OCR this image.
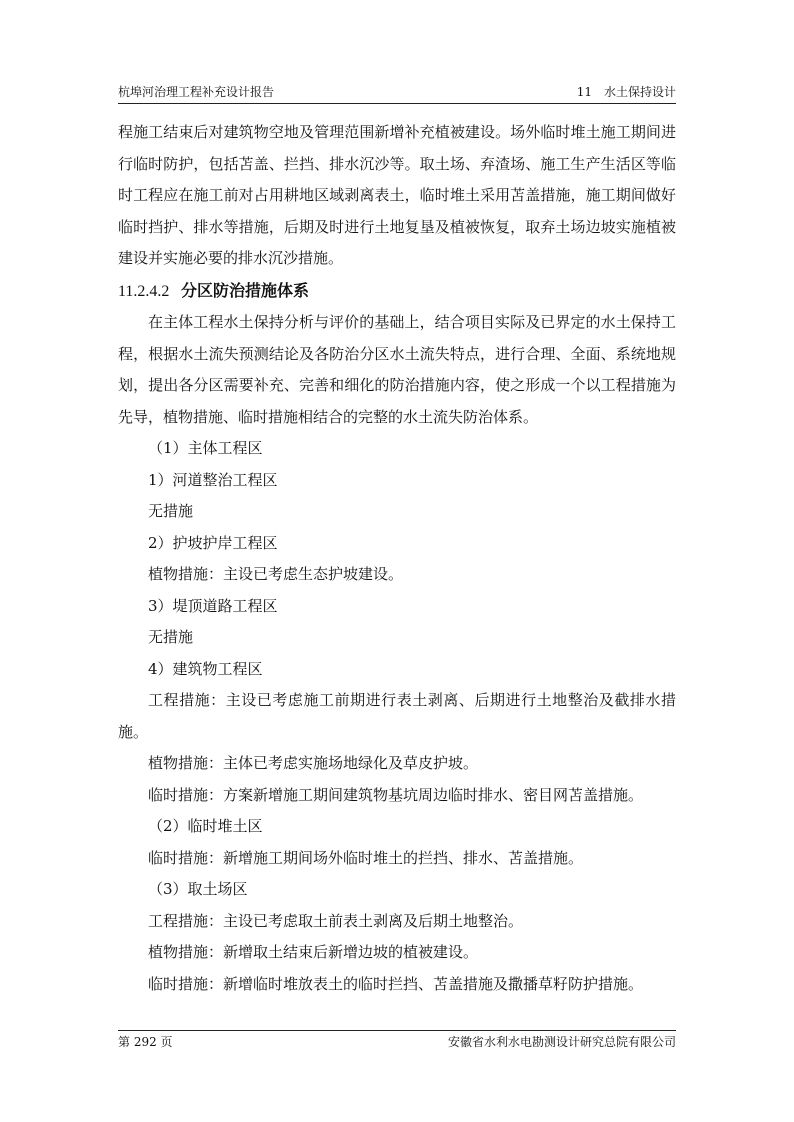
杭埠河治理工程补充设计报告	11　水土保持设计

程施工结束后对建筑物空地及管理范围新增补充植被建设。场外临时堆土施工期间进行临时防护，包括苫盖、拦挡、排水沉沙等。取土场、弃渣场、施工生产生活区等临时工程应在施工前对占用耕地区域剥离表土，临时堆土采用苫盖措施，施工期间做好临时挡护、排水等措施，后期及时进行土地复垦及植被恢复，取弃土场边坡实施植被建设并实施必要的排水沉沙措施。

11.2.4.2 分区防治措施体系

在主体工程水土保持分析与评价的基础上，结合项目实际及已界定的水土保持工程，根据水土流失预测结论及各防治分区水土流失特点，进行合理、全面、系统地规划，提出各分区需要补充、完善和细化的防治措施内容，使之形成一个以工程措施为先导，植物措施、临时措施相结合的完整的水土流失防治体系。

（1）主体工程区

1）河道整治工程区

无措施

2）护坡护岸工程区

植物措施：主设已考虑生态护坡建设。

3）堤顶道路工程区

无措施

4）建筑物工程区

工程措施：主设已考虑施工前期进行表土剥离、后期进行土地整治及截排水措施。

植物措施：主体已考虑实施场地绿化及草皮护坡。

临时措施：方案新增施工期间建筑物基坑周边临时排水、密目网苫盖措施。

（2）临时堆土区

临时措施：新增施工期间场外临时堆土的拦挡、排水、苫盖措施。

（3）取土场区

工程措施：主设已考虑取土前表土剥离及后期土地整治。

植物措施：新增取土结束后新增边坡的植被建设。

临时措施：新增临时堆放表土的临时拦挡、苫盖措施及撒播草籽防护措施。

第 292 页	安徽省水利水电勘测设计研究总院有限公司
